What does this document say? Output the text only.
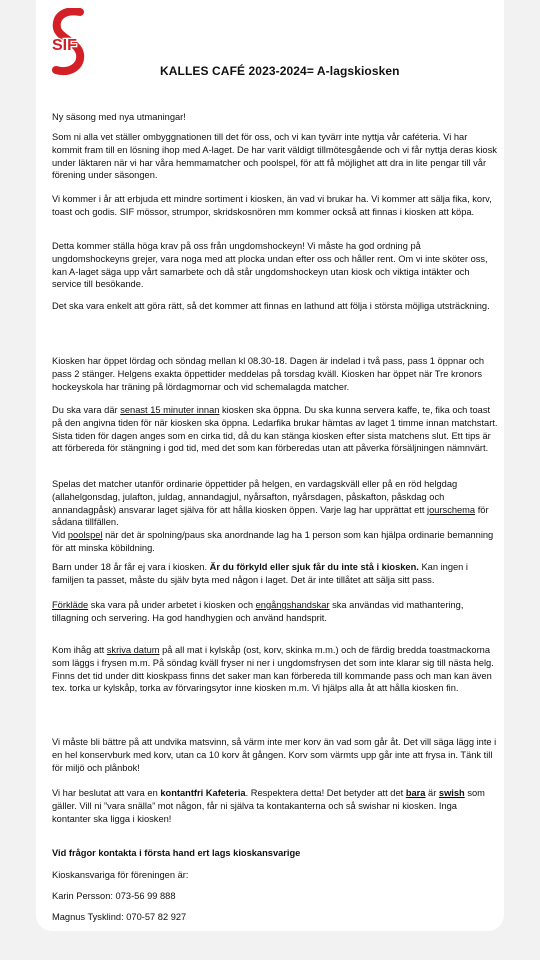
SIF
KALLES CAFÉ 2023-2024= A-lagskiosken
Ny säsong med nya utmaningar!
Som ni alla vet ställer ombyggnationen till det för oss, och vi kan tyvärr inte nyttja vår caféteria. Vi har kommit fram till en lösning ihop med A-laget. De har varit väldigt tillmötesgående och vi får nyttja deras kiosk under läktaren när vi har våra hemmamatcher och poolspel, för att få möjlighet att dra in lite pengar till vår förening under säsongen.
Vi kommer i år att erbjuda ett mindre sortiment i kiosken, än vad vi brukar ha. Vi kommer att sälja fika, korv, toast och godis. SIF mössor, strumpor, skridskosnören mm kommer också att finnas i kiosken att köpa.
Detta kommer ställa höga krav på oss från ungdomshockeyn! Vi måste ha god ordning på ungdomshockeyns grejer, vara noga med att plocka undan efter oss och håller rent. Om vi inte sköter oss, kan A-laget säga upp vårt samarbete och då står ungdomshockeyn utan kiosk och viktiga intäkter och service till besökande.
Det ska vara enkelt att göra rätt, så det kommer att finnas en lathund att följa i största möjliga utsträckning.
Kiosken har öppet lördag och söndag mellan kl 08.30-18. Dagen är indelad i två pass, pass 1 öppnar och pass 2 stänger. Helgens exakta öppettider meddelas på torsdag kväll. Kiosken har öppet när Tre kronors hockeyskola har träning på lördagmornar och vid schemalagda matcher.
Du ska vara där senast 15 minuter innan kiosken ska öppna. Du ska kunna servera kaffe, te, fika och toast på den angivna tiden för när kiosken ska öppna. Ledarfika brukar hämtas av laget 1 timme innan matchstart. Sista tiden för dagen anges som en cirka tid, då du kan stänga kiosken efter sista matchens slut. Ett tips är att förbereda för stängning i god tid, med det som kan förberedas utan att påverka försäljningen nämnvärt.
Spelas det matcher utanför ordinarie öppettider på helgen, en vardagskväll eller på en röd helgdag (allahelgonsdag, julafton, juldag, annandagjul, nyårsafton, nyårsdagen, påskafton, påskdag och annandagpåsk) ansvarar laget själva för att hålla kiosken öppen. Varje lag har upprättat ett jourschema för sådana tillfällen.
Vid poolspel när det är spolning/paus ska anordnande lag ha 1 person som kan hjälpa ordinarie bemanning för att minska köbildning.
Barn under 18 år får ej vara i kiosken. Är du förkyld eller sjuk får du inte stå i kiosken. Kan ingen i familjen ta passet, måste du själv byta med någon i laget. Det är inte tillåtet att sälja sitt pass.
Förkläde ska vara på under arbetet i kiosken och engångshandskar ska användas vid mathantering, tillagning och servering. Ha god handhygien och använd handsprit.
Kom ihåg att skriva datum på all mat i kylskåp (ost, korv, skinka m.m.) och de färdig bredda toastmackorna som läggs i frysen m.m. På söndag kväll fryser ni ner i ungdomsfrysen det som inte klarar sig till nästa helg.
Finns det tid under ditt kioskpass finns det saker man kan förbereda till kommande pass och man kan även tex. torka ur kylskåp, torka av förvaringsytor inne kiosken m.m. Vi hjälps alla åt att hålla kiosken fin.
Vi måste bli bättre på att undvika matsvinn, så värm inte mer korv än vad som går åt. Det vill säga lägg inte i en hel konservburk med korv, utan ca 10 korv åt gången. Korv som värmts upp går inte att frysa in. Tänk till för miljö och plånbok!
Vi har beslutat att vara en kontantfri Kafeteria. Respektera detta! Det betyder att det bara är swish som gäller. Vill ni ”vara snälla” mot någon, får ni själva ta kontakanterna och så swishar ni kiosken. Inga kontanter ska ligga i kiosken!
Vid frågor kontakta i första hand ert lags kioskansvarige
Kioskansvariga för föreningen är:
Karin Persson: 073-56 99 888
Magnus Tysklind: 070-57 82 927
